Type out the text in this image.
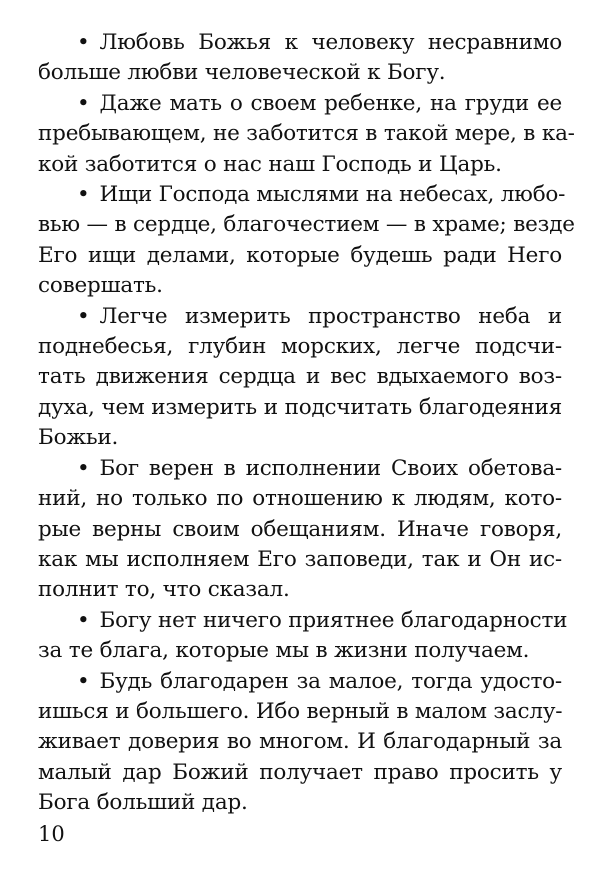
• Любовь Божья к человеку несравнимо
больше любви человеческой к Богу.

• Даже мать о своем ребенке, на груди ее
пребывающем, не заботится в такой мере, в ка-
кой заботится о нас наш Господь и Царь.

• Ищи Господа мыслями на небесах, любо-
вью — в сердце, благочестием — в храме; везде
Его ищи делами, которые будешь ради Него
совершать.

• Легче измерить пространство неба и
поднебесья, глубин морских, легче подсчи-
тать движения сердца и вес вдыхаемого воз-
духа, чем измерить и подсчитать благодеяния
Божьи.

• Бог верен в исполнении Своих обетова-
ний, но только по отношению к людям, кото-
рые верны своим обещаниям. Иначе говоря,
как мы исполняем Его заповеди, так и Он ис-
полнит то, что сказал.

• Богу нет ничего приятнее благодарности
за те блага, которые мы в жизни получаем.

• Будь благодарен за малое, тогда удосто-
ишься и большего. Ибо верный в малом заслу-
живает доверия во многом. И благодарный за
малый дар Божий получает право просить у
Бога больший дар.

10
